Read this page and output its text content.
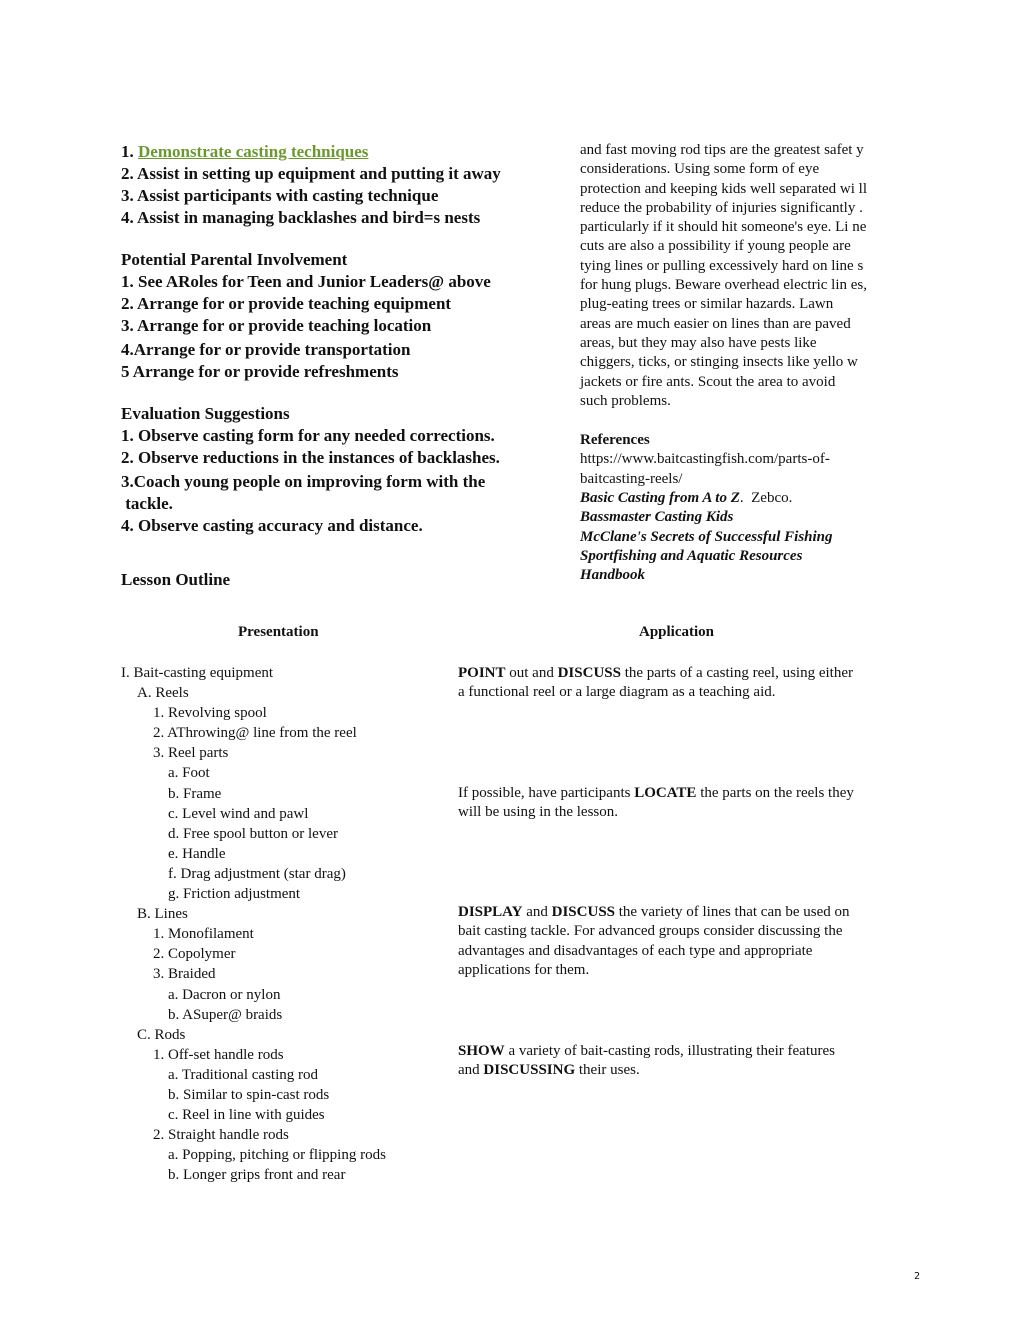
1. Demonstrate casting techniques
2. Assist in setting up equipment and putting it away
3. Assist participants with casting technique
4. Assist in managing backlashes and bird=s nests
Potential Parental Involvement
1. See ARoles for Teen and Junior Leaders@ above
2. Arrange for or provide teaching equipment
3. Arrange for or provide teaching location
4.Arrange for or provide transportation
5 Arrange for or provide refreshments
Evaluation Suggestions
1. Observe casting form for any needed corrections.
2. Observe reductions in the instances of backlashes.
3.Coach young people on improving form with the
tackle.
4. Observe casting accuracy and distance.
Lesson Outline
and fast moving rod tips are the greatest safet y
considerations. Using some form of eye
protection and keeping kids well separated wi ll
reduce the probability of injuries significantly .
particularly if it should hit someone's eye. Li ne
cuts are also a possibility if young people are
tying lines or pulling excessively hard on line s
for hung plugs. Beware overhead electric lin es,
plug-eating trees or similar hazards. Lawn
areas are much easier on lines than are paved
areas, but they may also have pests like
chiggers, ticks, or stinging insects like yello w
jackets or fire ants. Scout the area to avoid
such problems.
References
https://www.baitcastingfish.com/parts-of-
baitcasting-reels/
Basic Casting from A to Z.  Zebco.
Bassmaster Casting Kids
McClane's Secrets of Successful Fishing
Sportfishing and Aquatic Resources
Handbook
Presentation	Application
I. Bait-casting equipment
A. Reels
1. Revolving spool
2. AThrowing@ line from the reel
3. Reel parts
a. Foot
b. Frame
c. Level wind and pawl
d. Free spool button or lever
e. Handle
f. Drag adjustment (star drag)
g. Friction adjustment
B. Lines
1. Monofilament
2. Copolymer
3. Braided
a. Dacron or nylon
b. ASuper@ braids
C. Rods
1. Off-set handle rods
a. Traditional casting rod
b. Similar to spin-cast rods
c. Reel in line with guides
2. Straight handle rods
a. Popping, pitching or flipping rods
b. Longer grips front and rear
POINT out and DISCUSS the parts of a casting reel, using either
a functional reel or a large diagram as a teaching aid.
If possible, have participants LOCATE the parts on the reels they
will be using in the lesson.
DISPLAY and DISCUSS the variety of lines that can be used on
bait casting tackle. For advanced groups consider discussing the
advantages and disadvantages of each type and appropriate
applications for them.
SHOW a variety of bait-casting rods, illustrating their features
and DISCUSSING their uses.
2
